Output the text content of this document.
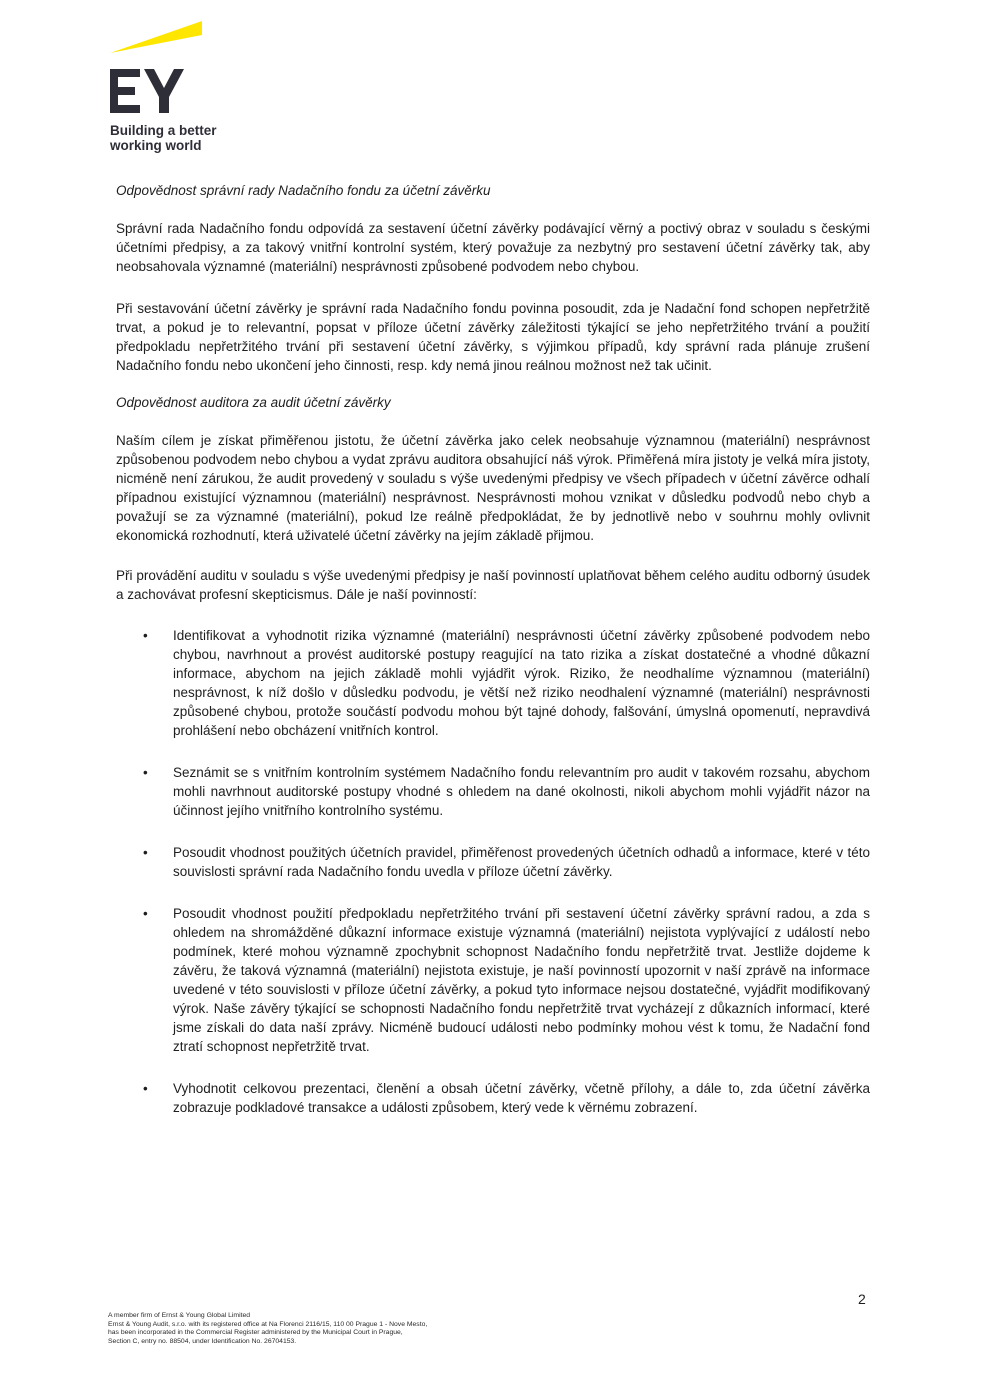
Building a better
working world

Odpovědnost správní rady Nadačního fondu za účetní závěrku

Správní rada Nadačního fondu odpovídá za sestavení účetní závěrky podávající věrný a poctivý obraz v souladu s českými účetními předpisy, a za takový vnitřní kontrolní systém, který považuje za nezbytný pro sestavení účetní závěrky tak, aby neobsahovala významné (materiální) nesprávnosti způsobené podvodem nebo chybou.

Při sestavování účetní závěrky je správní rada Nadačního fondu povinna posoudit, zda je Nadační fond schopen nepřetržitě trvat, a pokud je to relevantní, popsat v příloze účetní závěrky záležitosti týkající se jeho nepřetržitého trvání a použití předpokladu nepřetržitého trvání při sestavení účetní závěrky, s výjimkou případů, kdy správní rada plánuje zrušení Nadačního fondu nebo ukončení jeho činnosti, resp. kdy nemá jinou reálnou možnost než tak učinit.

Odpovědnost auditora za audit účetní závěrky

Naším cílem je získat přiměřenou jistotu, že účetní závěrka jako celek neobsahuje významnou (materiální) nesprávnost způsobenou podvodem nebo chybou a vydat zprávu auditora obsahující náš výrok. Přiměřená míra jistoty je velká míra jistoty, nicméně není zárukou, že audit provedený v souladu s výše uvedenými předpisy ve všech případech v účetní závěrce odhalí případnou existující významnou (materiální) nesprávnost. Nesprávnosti mohou vznikat v důsledku podvodů nebo chyb a považují se za významné (materiální), pokud lze reálně předpokládat, že by jednotlivě nebo v souhrnu mohly ovlivnit ekonomická rozhodnutí, která uživatelé účetní závěrky na jejím základě přijmou.

Při provádění auditu v souladu s výše uvedenými předpisy je naší povinností uplatňovat během celého auditu odborný úsudek a zachovávat profesní skepticismus. Dále je naší povinností:

• Identifikovat a vyhodnotit rizika významné (materiální) nesprávnosti účetní závěrky způsobené podvodem nebo chybou, navrhnout a provést auditorské postupy reagující na tato rizika a získat dostatečné a vhodné důkazní informace, abychom na jejich základě mohli vyjádřit výrok. Riziko, že neodhalíme významnou (materiální) nesprávnost, k níž došlo v důsledku podvodu, je větší než riziko neodhalení významné (materiální) nesprávnosti způsobené chybou, protože součástí podvodu mohou být tajné dohody, falšování, úmyslná opomenutí, nepravdivá prohlášení nebo obcházení vnitřních kontrol.
• Seznámit se s vnitřním kontrolním systémem Nadačního fondu relevantním pro audit v takovém rozsahu, abychom mohli navrhnout auditorské postupy vhodné s ohledem na dané okolnosti, nikoli abychom mohli vyjádřit názor na účinnost jejího vnitřního kontrolního systému.
• Posoudit vhodnost použitých účetních pravidel, přiměřenost provedených účetních odhadů a informace, které v této souvislosti správní rada Nadačního fondu uvedla v příloze účetní závěrky.
• Posoudit vhodnost použití předpokladu nepřetržitého trvání při sestavení účetní závěrky správní radou, a zda s ohledem na shromážděné důkazní informace existuje významná (materiální) nejistota vyplývající z událostí nebo podmínek, které mohou významně zpochybnit schopnost Nadačního fondu nepřetržitě trvat. Jestliže dojdeme k závěru, že taková významná (materiální) nejistota existuje, je naší povinností upozornit v naší zprávě na informace uvedené v této souvislosti v příloze účetní závěrky, a pokud tyto informace nejsou dostatečné, vyjádřit modifikovaný výrok. Naše závěry týkající se schopnosti Nadačního fondu nepřetržitě trvat vycházejí z důkazních informací, které jsme získali do data naší zprávy. Nicméně budoucí události nebo podmínky mohou vést k tomu, že Nadační fond ztratí schopnost nepřetržitě trvat.
• Vyhodnotit celkovou prezentaci, členění a obsah účetní závěrky, včetně přílohy, a dále to, zda účetní závěrka zobrazuje podkladové transakce a události způsobem, který vede k věrnému zobrazení.
2
A member firm of Ernst & Young Global Limited
Ernst & Young Audit, s.r.o. with its registered office at Na Florenci 2116/15, 110 00 Prague 1 - Nove Mesto,
has been incorporated in the Commercial Register administered by the Municipal Court in Prague,
Section C, entry no. 88504, under Identification No. 26704153.
